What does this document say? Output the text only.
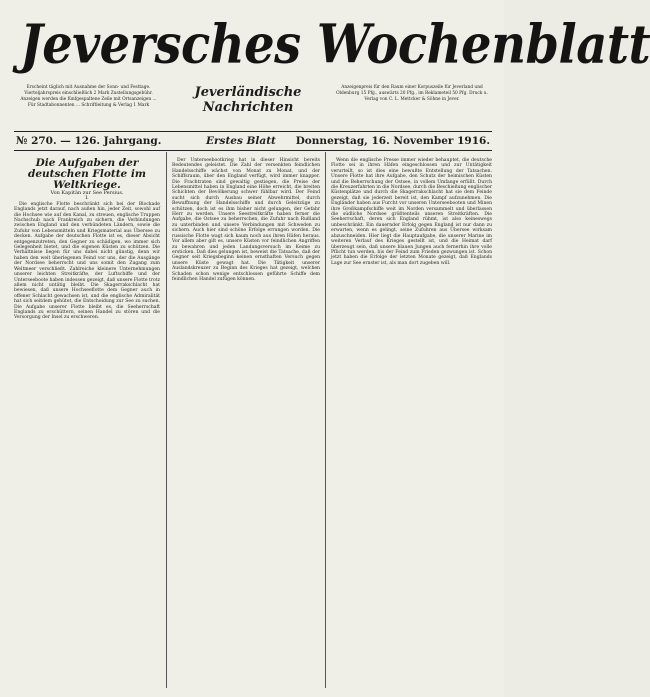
Jeversches Wochenblatt
Erscheint täglich mit Ausnahme der Sonn- und Festtage. Vierteljahrspreis einschließlich 2 Mark Zustellungsgebühr. Anzeigen werden die fünfgespaltene Zeile mit Ortsanzeigen ... Für Stadtabonnenten ... Schriftleitung & Verlag 1 Mark
Jeverländische Nachrichten
Anzeigenpreis für den Raum einer Korpuszeile für Jeverland und Oldenburg 15 Pfg., auswärts 20 Pfg., im Reklameteil 50 Pfg. Druck u. Verlag von C. L. Mettcker & Söhne in Jever.
№ 270. — 126. Jahrgang.	Erstes Blatt Donnerstag, 16. November 1916.

Die Aufgaben der deutschen Flotte im Weltkriege.

Von Kapitän zur See Persius.

I.

Die englische Flotte beschränkt sich bei der Blockade Englands jetzt darauf, nach außen hin, jeder Zeit, sowohl auf die Hochsee wie auf den Kanal, zu streuen, englische Truppen Nachschub nach Frankreich zu sichern, die Verbindungen zwischen England und den verbündeten Ländern, sowie die Zufuhr von Lebensmitteln und Kriegsmaterial aus Übersee zu decken. Aufgabe der deutschen Flotte ist es, dieser Absicht entgegenzutreten, den Gegner zu schädigen, wo immer sich Gelegenheit bietet, und die eigenen Küsten zu schützen. Die Verhältnisse liegen für uns dabei nicht günstig, denn wir haben den weit überlegenen Feind vor uns, der die Ausgänge der Nordsee beherrscht und uns somit den Zugang zum Weltmeer verschließt. Zahlreiche kleinere Unternehmungen unserer leichten Streitkräfte, der Luftschiffe und der Unterseeboote haben indessen gezeigt, daß unsere Flotte trotz allem nicht untätig bleibt. Die Skagerrakschlacht hat bewiesen, daß unsere Hochseeflotte dem Gegner auch in offener Schlacht gewachsen ist, und die englische Admiralität hat sich seitdem gehütet, die Entscheidung zur See zu suchen. Die Aufgabe unserer Flotte bleibt es, die Seeherrschaft Englands zu erschüttern, seinen Handel zu stören und die Versorgung der Insel zu erschweren.

Der Unterseebootkrieg hat in dieser Hinsicht bereits Bedeutendes geleistet. Die Zahl der versenkten feindlichen Handelsschiffe wächst von Monat zu Monat, und der Schiffsraum, über den England verfügt, wird immer knapper. Die Frachtraten sind gewaltig gestiegen, die Preise der Lebensmittel haben in England eine Höhe erreicht, die breiten Schichten der Bevölkerung schwer fühlbar wird. Der Feind sucht sich durch Ausbau seiner Abwehrmittel, durch Bewaffnung der Handelsschiffe und durch Geleitzüge zu schützen, doch ist es ihm bisher nicht gelungen, der Gefahr Herr zu werden. Unsere Seestreitkräfte haben ferner die Aufgabe, die Ostsee zu beherrschen, die Zufuhr nach Rußland zu unterbinden und unsere Verbindungen mit Schweden zu sichern. Auch hier sind schöne Erfolge errungen worden. Die russische Flotte wagt sich kaum noch aus ihren Häfen heraus. Vor allem aber gilt es, unsere Küsten vor feindlichen Angriffen zu bewahren und jeden Landungsversuch im Keime zu ersticken. Daß dies gelungen ist, beweist die Tatsache, daß der Gegner seit Kriegsbeginn keinen ernsthaften Versuch gegen unsere Küste gewagt hat. Die Tätigkeit unserer Auslandskreuzer zu Beginn des Krieges hat gezeigt, welchen Schaden schon wenige entschlossen geführte Schiffe dem feindlichen Handel zufügen können.

Wenn die englische Presse immer wieder behauptet, die deutsche Flotte sei in ihren Häfen eingeschlossen und zur Untätigkeit verurteilt, so ist dies eine bewußte Entstellung der Tatsachen. Unsere Flotte hat ihre Aufgabe, den Schutz der heimischen Küsten und die Beherrschung der Ostsee, in vollem Umfange erfüllt. Durch die Kreuzerfahrten in die Nordsee, durch die Beschießung englischer Küstenplätze und durch die Skagerrakschlacht hat sie dem Feinde gezeigt, daß sie jederzeit bereit ist, den Kampf aufzunehmen. Die Engländer haben aus Furcht vor unseren Unterseebooten und Minen ihre Großkampfschiffe weit im Norden versammelt und überlassen die südliche Nordsee größtenteils unseren Streitkräften. Die Seeherrschaft, deren sich England rühmt, ist also keineswegs unbeschränkt. Ein dauernder Erfolg gegen England ist nur dann zu erwarten, wenn es gelingt, seine Zufuhren aus Übersee wirksam abzuschneiden. Hier liegt die Hauptaufgabe, die unserer Marine im weiteren Verlauf des Krieges gestellt ist, und die Heimat darf überzeugt sein, daß unsere blauen Jungen auch fernerhin ihre volle Pflicht tun werden, bis der Feind zum Frieden gezwungen ist. Schon jetzt haben die Erfolge der letzten Monate gezeigt, daß Englands Lage zur See ernster ist, als man dort zugeben will.
